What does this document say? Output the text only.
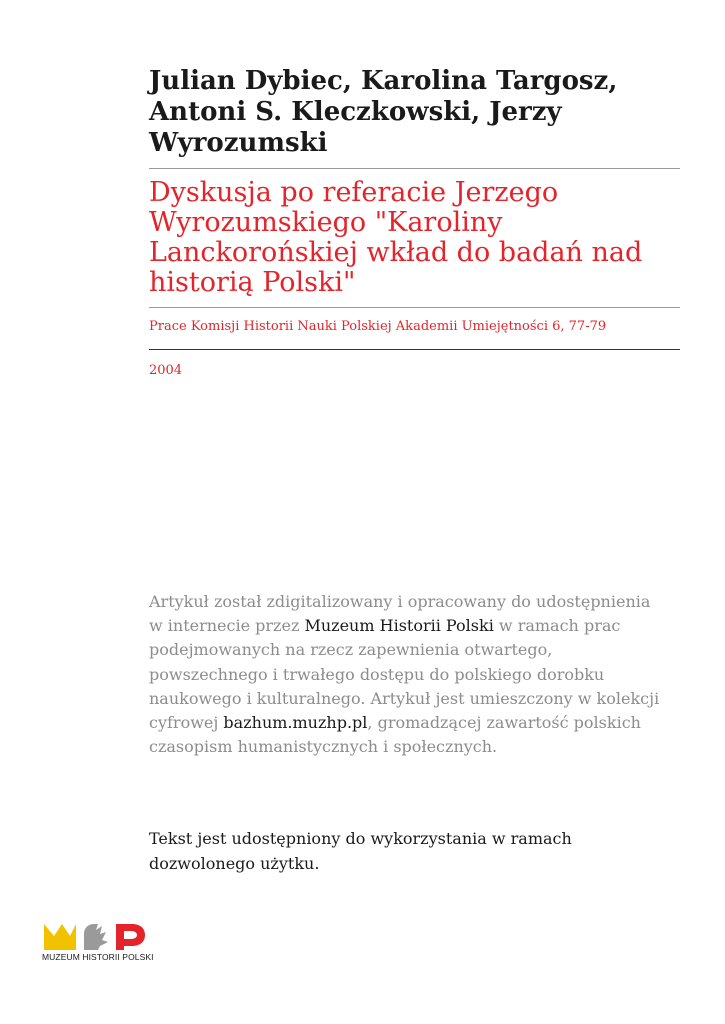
Julian Dybiec, Karolina Targosz,
Antoni S. Kleczkowski, Jerzy
Wyrozumski
Dyskusja po referacie Jerzego
Wyrozumskiego "Karoliny
Lanckorońskiej wkład do badań nad
historią Polski"
Prace Komisji Historii Nauki Polskiej Akademii Umiejętności 6, 77-79
2004

Artykuł został zdigitalizowany i opracowany do udostępnienia w internecie przez Muzeum Historii Polski w ramach prac podejmowanych na rzecz zapewnienia otwartego, powszechnego i trwałego dostępu do polskiego dorobku naukowego i kulturalnego. Artykuł jest umieszczony w kolekcji cyfrowej bazhum.muzhp.pl, gromadzącej zawartość polskich czasopism humanistycznych i społecznych.

Tekst jest udostępniony do wykorzystania w ramach dozwolonego użytku.

MUZEUM HISTORII POLSKI
